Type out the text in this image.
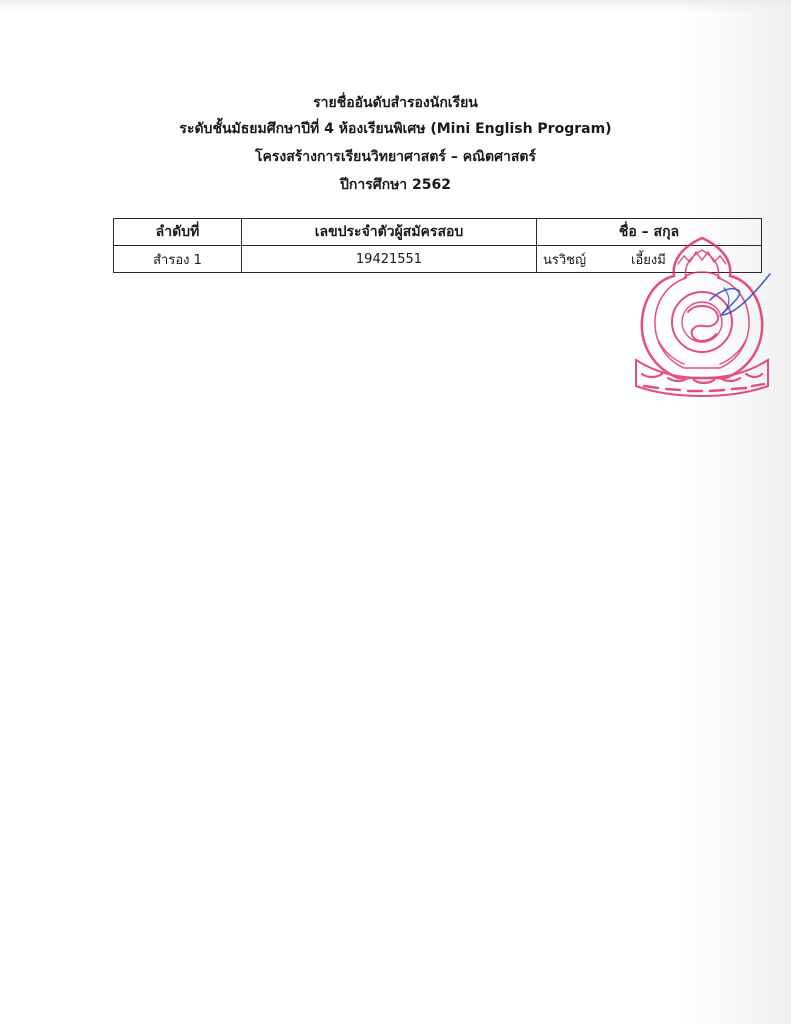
รายชื่ออันดับสำรองนักเรียน
ระดับชั้นมัธยมศึกษาปีที่ 4 ห้องเรียนพิเศษ (Mini English Program)
โครงสร้างการเรียนวิทยาศาสตร์ – คณิตศาสตร์
ปีการศึกษา 2562
ลำดับที่	เลขประจำตัวผู้สมัครสอบ	ชื่อ – สกุล
สำรอง 1	19421551	นรวิชญ์ เอี้ยงมี
